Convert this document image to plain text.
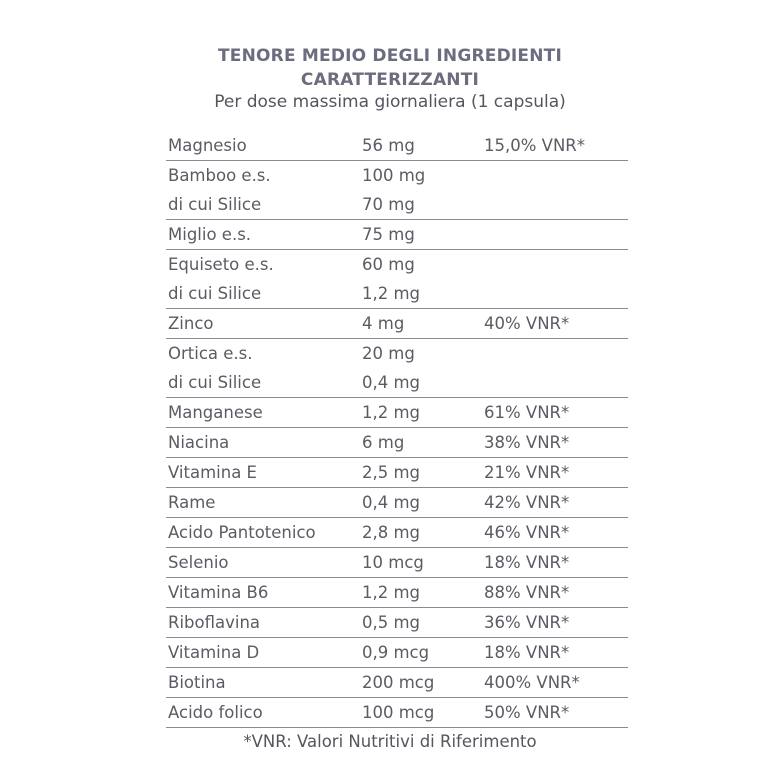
TENORE MEDIO DEGLI INGREDIENTI
CARATTERIZZANTI
Per dose massima giornaliera (1 capsula)
Magnesio	56 mg	15,0% VNR*
Bamboo e.s.	100 mg
di cui Silice	70 mg
Miglio e.s.	75 mg
Equiseto e.s.	60 mg
di cui Silice	1,2 mg
Zinco	4 mg	40% VNR*
Ortica e.s.	20 mg
di cui Silice	0,4 mg
Manganese	1,2 mg	61% VNR*
Niacina	6 mg	38% VNR*
Vitamina E	2,5 mg	21% VNR*
Rame	0,4 mg	42% VNR*
Acido Pantotenico	2,8 mg	46% VNR*
Selenio	10 mcg	18% VNR*
Vitamina B6	1,2 mg	88% VNR*
Riboflavina	0,5 mg	36% VNR*
Vitamina D	0,9 mcg	18% VNR*
Biotina	200 mcg	400% VNR*
Acido folico	100 mcg	50% VNR*
*VNR: Valori Nutritivi di Riferimento
